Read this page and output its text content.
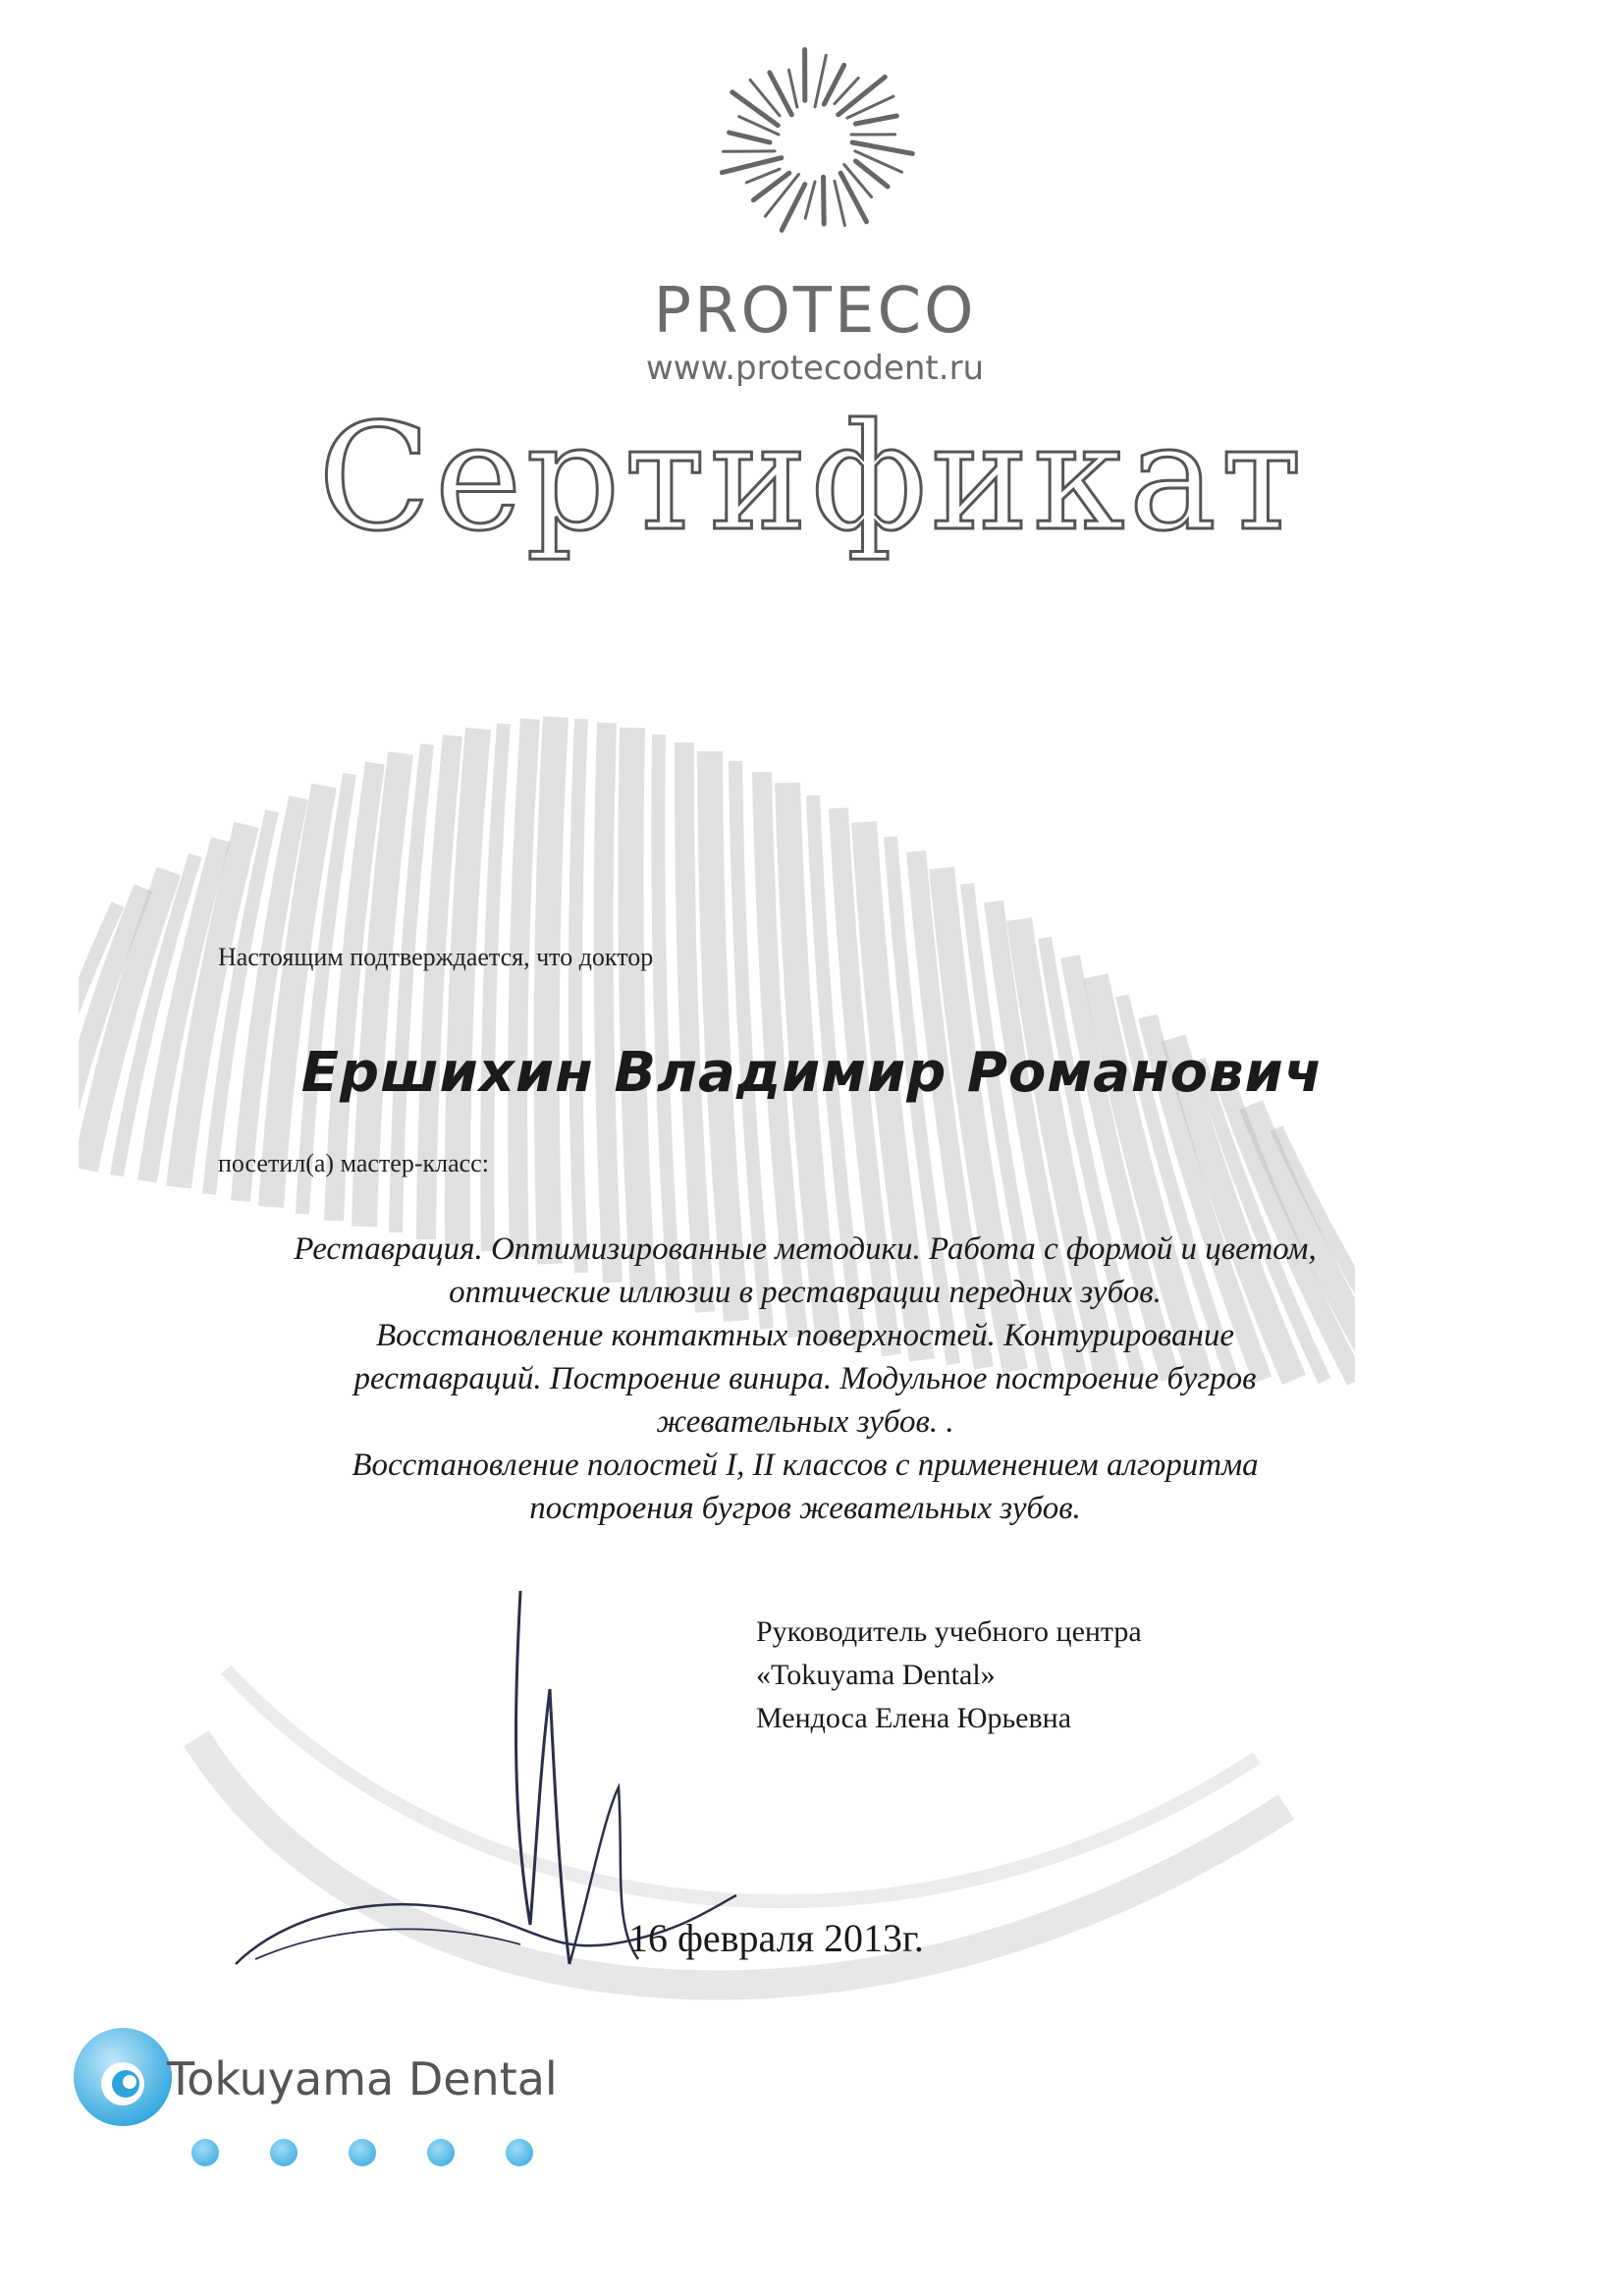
PROTECO
www.protecodent.ru
Сертификат
Настоящим подтверждается, что доктор
Ершихин Владимир Романович
посетил(а) мастер-класс:
Реставрация. Оптимизированные методики. Работа с формой и цветом,
оптические иллюзии в реставрации передних зубов.
Восстановление контактных поверхностей. Контурирование
реставраций. Построение винира. Модульное построение бугров
жевательных зубов. .
Восстановление полостей I, II классов с применением алгоритма
построения бугров жевательных зубов.
Руководитель учебного центра
«Tokuyama Dental»
Мендоса Елена Юрьевна
16 февраля 2013г.
Tokuyama Dental
